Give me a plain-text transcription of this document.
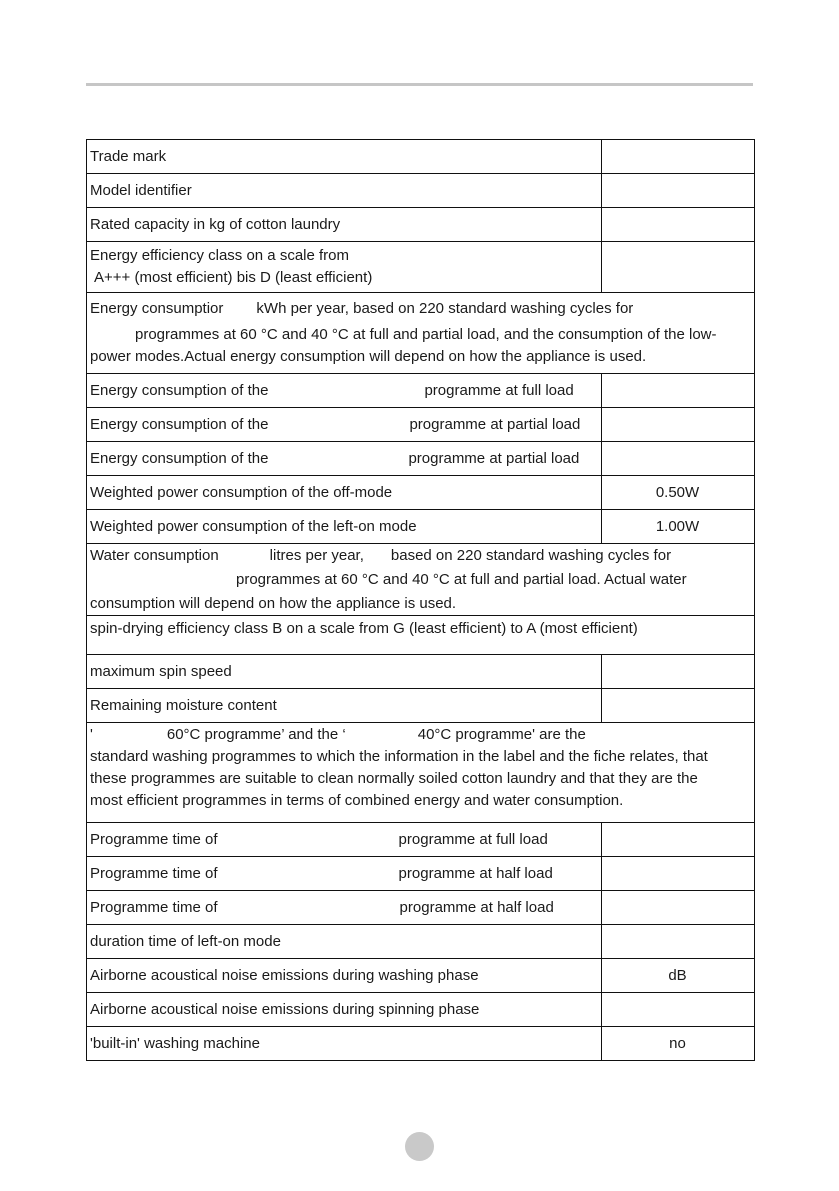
Trade mark	
Model identifier	
Rated capacity in kg of cotton laundry	

Energy efficiency class on a scale from
A+++ (most efficient) bis D (least efficient)	

Energy consumptior kWh per year, based on 220 standard washing cycles for
programmes at 60 °C and 40 °C at full and partial load, and the consumption of the low-
power modes.Actual energy consumption will depend on how the appliance is used.	

Energy consumption of the programme at full load	
Energy consumption of the programme at partial load	
Energy consumption of the programme at partial load	
Weighted power consumption of the off-mode	0.50W
Weighted power consumption of the left-on mode	1.00W

Water consumption litres per year, based on 220 standard washing cycles for
programmes at 60 °C and 40 °C at full and partial load. Actual water
consumption will depend on how the appliance is used.	

spin-drying efficiency class B on a scale from G (least efficient) to A (most efficient)	
maximum spin speed	
Remaining moisture content	

' 60°C programme’ and the ‘ 40°C programme' are the
standard washing programmes to which the information in the label and the fiche relates, that
these programmes are suitable to clean normally soiled cotton laundry and that they are the
most efficient programmes in terms of combined energy and water consumption.	

Programme time of programme at full load	
Programme time of programme at half load	
Programme time of programme at half load	
duration time of left-on mode	
Airborne acoustical noise emissions during washing phase	dB
Airborne acoustical noise emissions during spinning phase	
'built-in' washing machine	no
